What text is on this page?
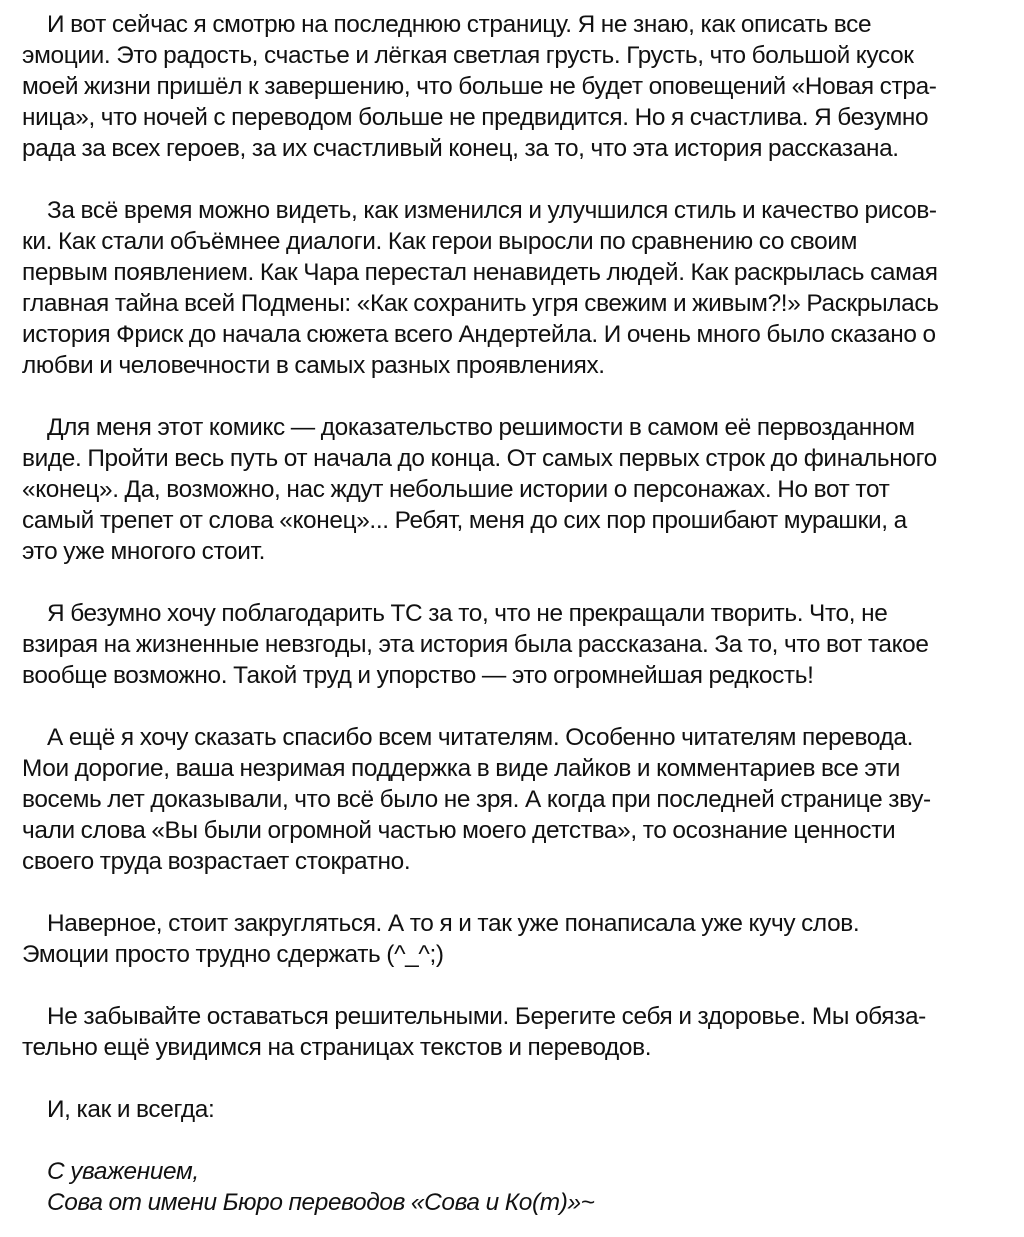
И вот сейчас я смотрю на последнюю страницу. Я не знаю, как описать все
эмоции. Это радость, счастье и лёгкая светлая грусть. Грусть, что большой кусок
моей жизни пришёл к завершению, что больше не будет оповещений «Новая стра-
ница», что ночей с переводом больше не предвидится. Но я счастлива. Я безумно
рада за всех героев, за их счастливый конец, за то, что эта история рассказана.

За всё время можно видеть, как изменился и улучшился стиль и качество рисов-
ки. Как стали объёмнее диалоги. Как герои выросли по сравнению со своим
первым появлением. Как Чара перестал ненавидеть людей. Как раскрылась самая
главная тайна всей Подмены: «Как сохранить угря свежим и живым?!» Раскрылась
история Фриск до начала сюжета всего Андертейла. И очень много было сказано о
любви и человечности в самых разных проявлениях.

Для меня этот комикс — доказательство решимости в самом её первозданном
виде. Пройти весь путь от начала до конца. От самых первых строк до финального
«конец». Да, возможно, нас ждут небольшие истории о персонажах. Но вот тот
самый трепет от слова «конец»... Ребят, меня до сих пор прошибают мурашки, а
это уже многого стоит.

Я безумно хочу поблагодарить ТС за то, что не прекращали творить. Что, не
взирая на жизненные невзгоды, эта история была рассказана. За то, что вот такое
вообще возможно. Такой труд и упорство — это огромнейшая редкость!

А ещё я хочу сказать спасибо всем читателям. Особенно читателям перевода.
Мои дорогие, ваша незримая поддержка в виде лайков и комментариев все эти
восемь лет доказывали, что всё было не зря. А когда при последней странице зву-
чали слова «Вы были огромной частью моего детства», то осознание ценности
своего труда возрастает стократно.

Наверное, стоит закругляться. А то я и так уже понаписала уже кучу слов.
Эмоции просто трудно сдержать (^_^;)

Не забывайте оставаться решительными. Берегите себя и здоровье. Мы обяза-
тельно ещё увидимся на страницах текстов и переводов.

И, как и всегда:

С уважением,
Сова от имени Бюро переводов «Сова и Ко(т)»~
